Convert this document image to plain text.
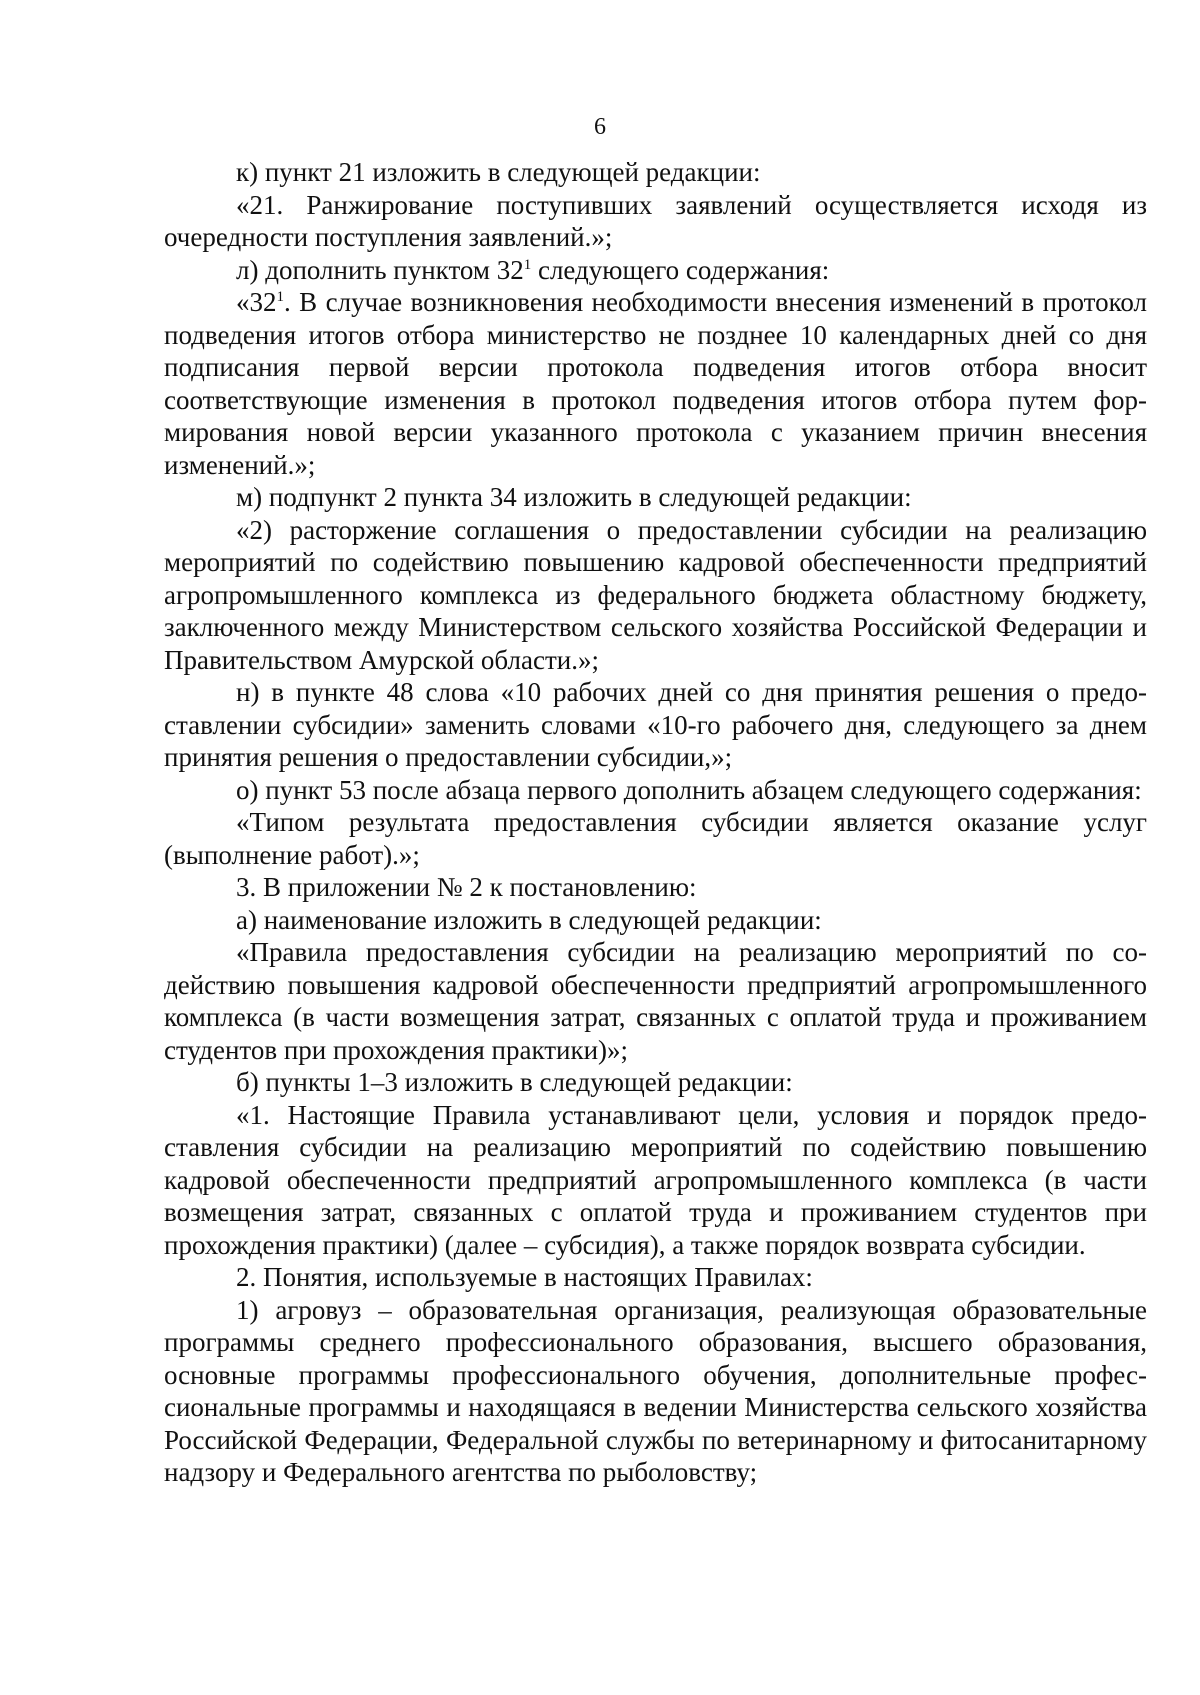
6

к) пункт 21 изложить в следующей редакции:

«21. Ранжирование поступивших заявлений осуществляется исходя из очередности поступления заявлений.»;

л) дополнить пунктом $32^1$ следующего содержания:

«$32^1$. В случае возникновения необходимости внесения изменений в протокол подведения итогов отбора министерство не позднее 10 календарных дней со дня подписания первой версии протокола подведения итогов отбора вносит соответствующие изменения в протокол подведения итогов отбора путем формирования новой версии указанного протокола с указанием причин внесения изменений.»;

м) подпункт 2 пункта 34 изложить в следующей редакции:

«2) расторжение соглашения о предоставлении субсидии на реализацию мероприятий по содействию повышению кадровой обеспеченности предприятий агропромышленного комплекса из федерального бюджета областному бюджету, заключенного между Министерством сельского хозяйства Российской Федерации и Правительством Амурской области.»;

н) в пункте 48 слова «10 рабочих дней со дня принятия решения о предоставлении субсидии» заменить словами «10-го рабочего дня, следующего за днем принятия решения о предоставлении субсидии,»;

о) пункт 53 после абзаца первого дополнить абзацем следующего содержания:

«Типом результата предоставления субсидии является оказание услуг (выполнение работ).»;

3. В приложении № 2 к постановлению:

а) наименование изложить в следующей редакции:

«Правила предоставления субсидии на реализацию мероприятий по содействию повышения кадровой обеспеченности предприятий агропромышленного комплекса (в части возмещения затрат, связанных с оплатой труда и проживанием студентов при прохождения практики)»;

б) пункты 1–3 изложить в следующей редакции:

«1. Настоящие Правила устанавливают цели, условия и порядок предоставления субсидии на реализацию мероприятий по содействию повышению кадровой обеспеченности предприятий агропромышленного комплекса (в части возмещения затрат, связанных с оплатой труда и проживанием студентов при прохождения практики) (далее – субсидия), а также порядок возврата субсидии.

2. Понятия, используемые в настоящих Правилах:

1) агровуз – образовательная организация, реализующая образовательные программы среднего профессионального образования, высшего образования, основные программы профессионального обучения, дополнительные профессиональные программы и находящаяся в ведении Министерства сельского хозяйства Российской Федерации, Федеральной службы по ветеринарному и фитосанитарному надзору и Федерального агентства по рыболовству;
